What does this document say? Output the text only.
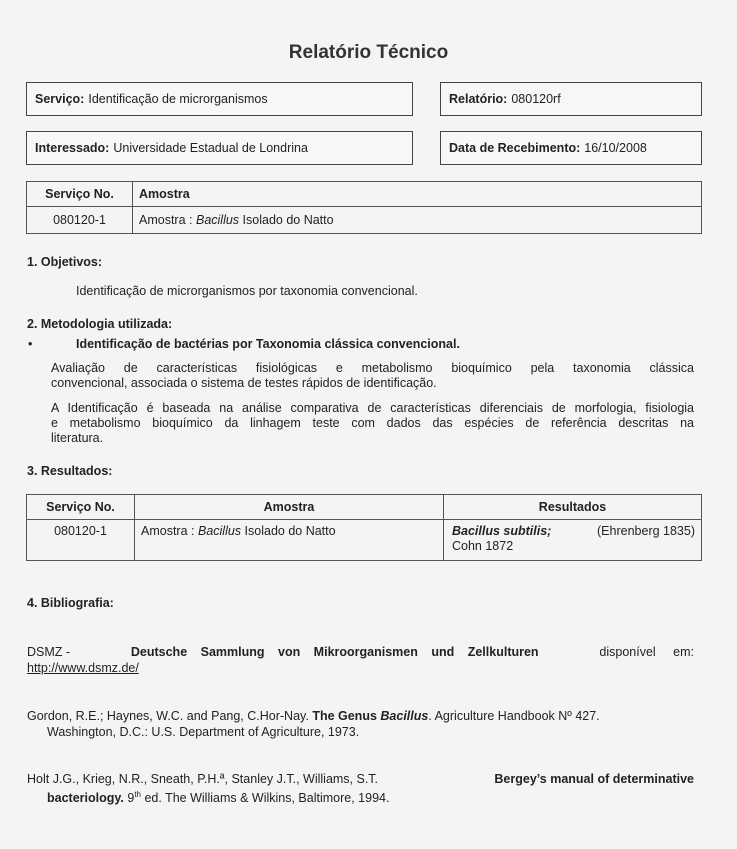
Relatório Técnico
Serviço: Identificação de microrganismos	Relatório: 080120rf
Interessado: Universidade Estadual de Londrina	Data de Recebimento: 16/10/2008
Serviço No.	Amostra
080120-1	Amostra : Bacillus Isolado do Natto
1. Objetivos:
Identificação de microrganismos por taxonomia convencional.
2. Metodologia utilizada:
•	Identificação de bactérias por Taxonomia clássica convencional.
Avaliação de características fisiológicas e metabolismo bioquímico pela taxonomia clássica
convencional, associada o sistema de testes rápidos de identificação.
A Identificação é baseada na análise comparativa de características diferenciais de morfologia, fisiologia
e metabolismo bioquímico da linhagem teste com dados das espécies de referência descritas na
literatura.
3. Resultados:
Serviço No.	Amostra	Resultados
080120-1	Amostra : Bacillus Isolado do Natto	Bacillus subtilis; (Ehrenberg 1835)
Cohn 1872
4. Bibliografia:
DSMZ -	Deutsche Sammlung von Mikroorganismen und Zellkulturen	disponível em:
http://www.dsmz.de/
Gordon, R.E.; Haynes, W.C. and Pang, C.Hor-Nay. The Genus Bacillus. Agriculture Handbook Nº 427.
Washington, D.C.: U.S. Department of Agriculture, 1973.
Holt J.G., Krieg, N.R., Sneath, P.H.ª, Stanley J.T., Williams, S.T.	Bergey’s manual of determinative
bacteriology. 9th ed. The Williams & Wilkins, Baltimore, 1994.
